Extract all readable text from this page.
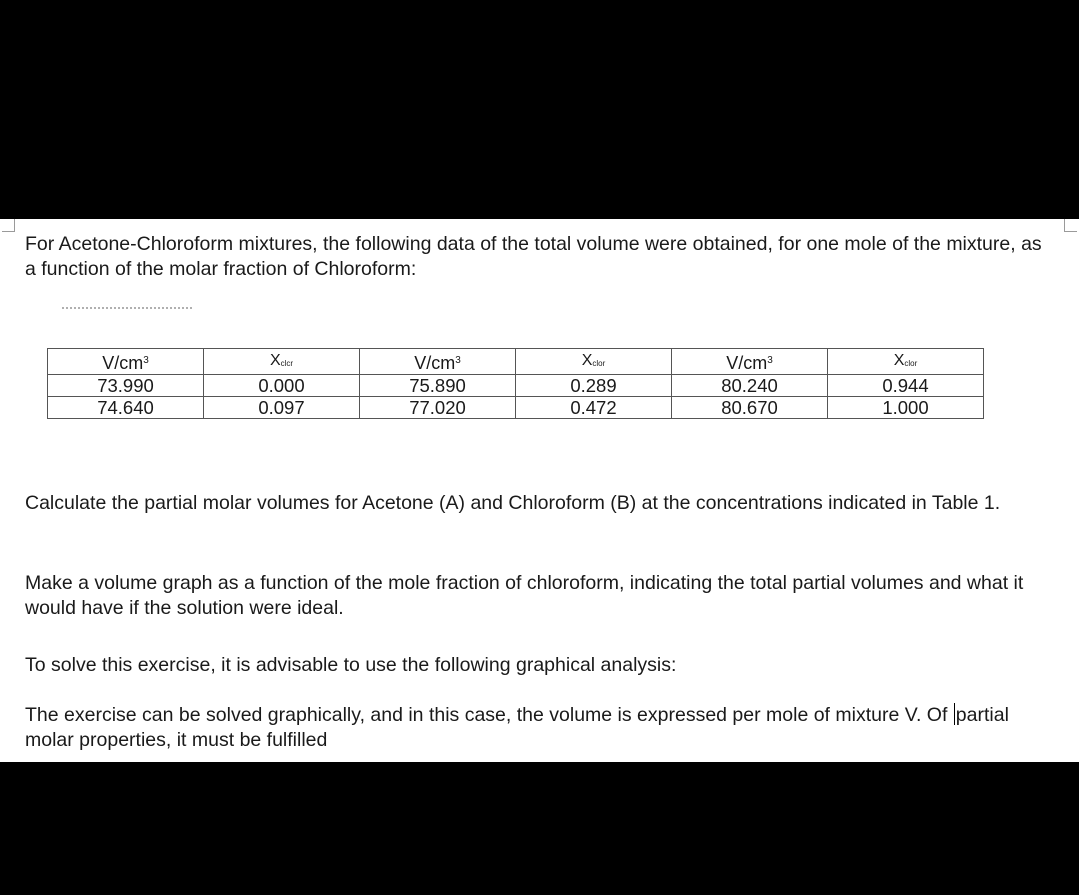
For Acetone-Chloroform mixtures, the following data of the total volume were obtained, for one mole of the mixture, as a function of the molar fraction of Chloroform:

$V/cm^3$	Xclcr	$V/cm^3$	Xclor	$V/cm^3$	Xclor
73.990	0.000	75.890	0.289	80.240	0.944
74.640	0.097	77.020	0.472	80.670	1.000

Calculate the partial molar volumes for Acetone (A) and Chloroform (B) at the concentrations indicated in Table 1.

Make a volume graph as a function of the mole fraction of chloroform, indicating the total partial volumes and what it would have if the solution were ideal.

To solve this exercise, it is advisable to use the following graphical analysis:

The exercise can be solved graphically, and in this case, the volume is expressed per mole of mixture V. Of partial molar properties, it must be fulfilled
